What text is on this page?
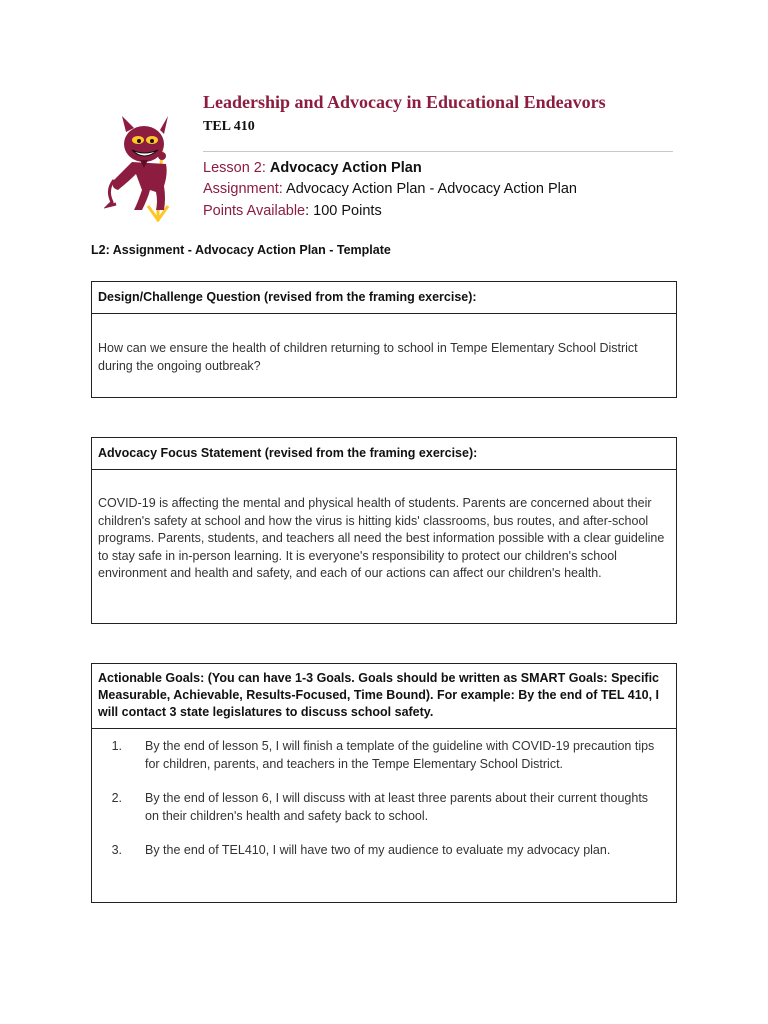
Leadership and Advocacy in Educational Endeavors
TEL 410
Lesson 2: Advocacy Action Plan
Assignment: Advocacy Action Plan - Advocacy Action Plan
Points Available: 100 Points
L2: Assignment - Advocacy Action Plan - Template
Design/Challenge Question (revised from the framing exercise):
How can we ensure the health of children returning to school in Tempe Elementary School District during the ongoing outbreak?
Advocacy Focus Statement (revised from the framing exercise):
COVID-19 is affecting the mental and physical health of students. Parents are concerned about their children's safety at school and how the virus is hitting kids' classrooms, bus routes, and after-school programs. Parents, students, and teachers all need the best information possible with a clear guideline to stay safe in in-person learning. It is everyone's responsibility to protect our children's school environment and health and safety, and each of our actions can affect our children's health.
Actionable Goals: (You can have 1-3 Goals. Goals should be written as SMART Goals: Specific Measurable, Achievable, Results-Focused, Time Bound). For example: By the end of TEL 410, I will contact 3 state legislatures to discuss school safety.
1.	By the end of lesson 5, I will finish a template of the guideline with COVID-19 precaution tips for children, parents, and teachers in the Tempe Elementary School District.
2.	By the end of lesson 6, I will discuss with at least three parents about their current thoughts on their children's health and safety back to school.
3.	By the end of TEL410, I will have two of my audience to evaluate my advocacy plan.
